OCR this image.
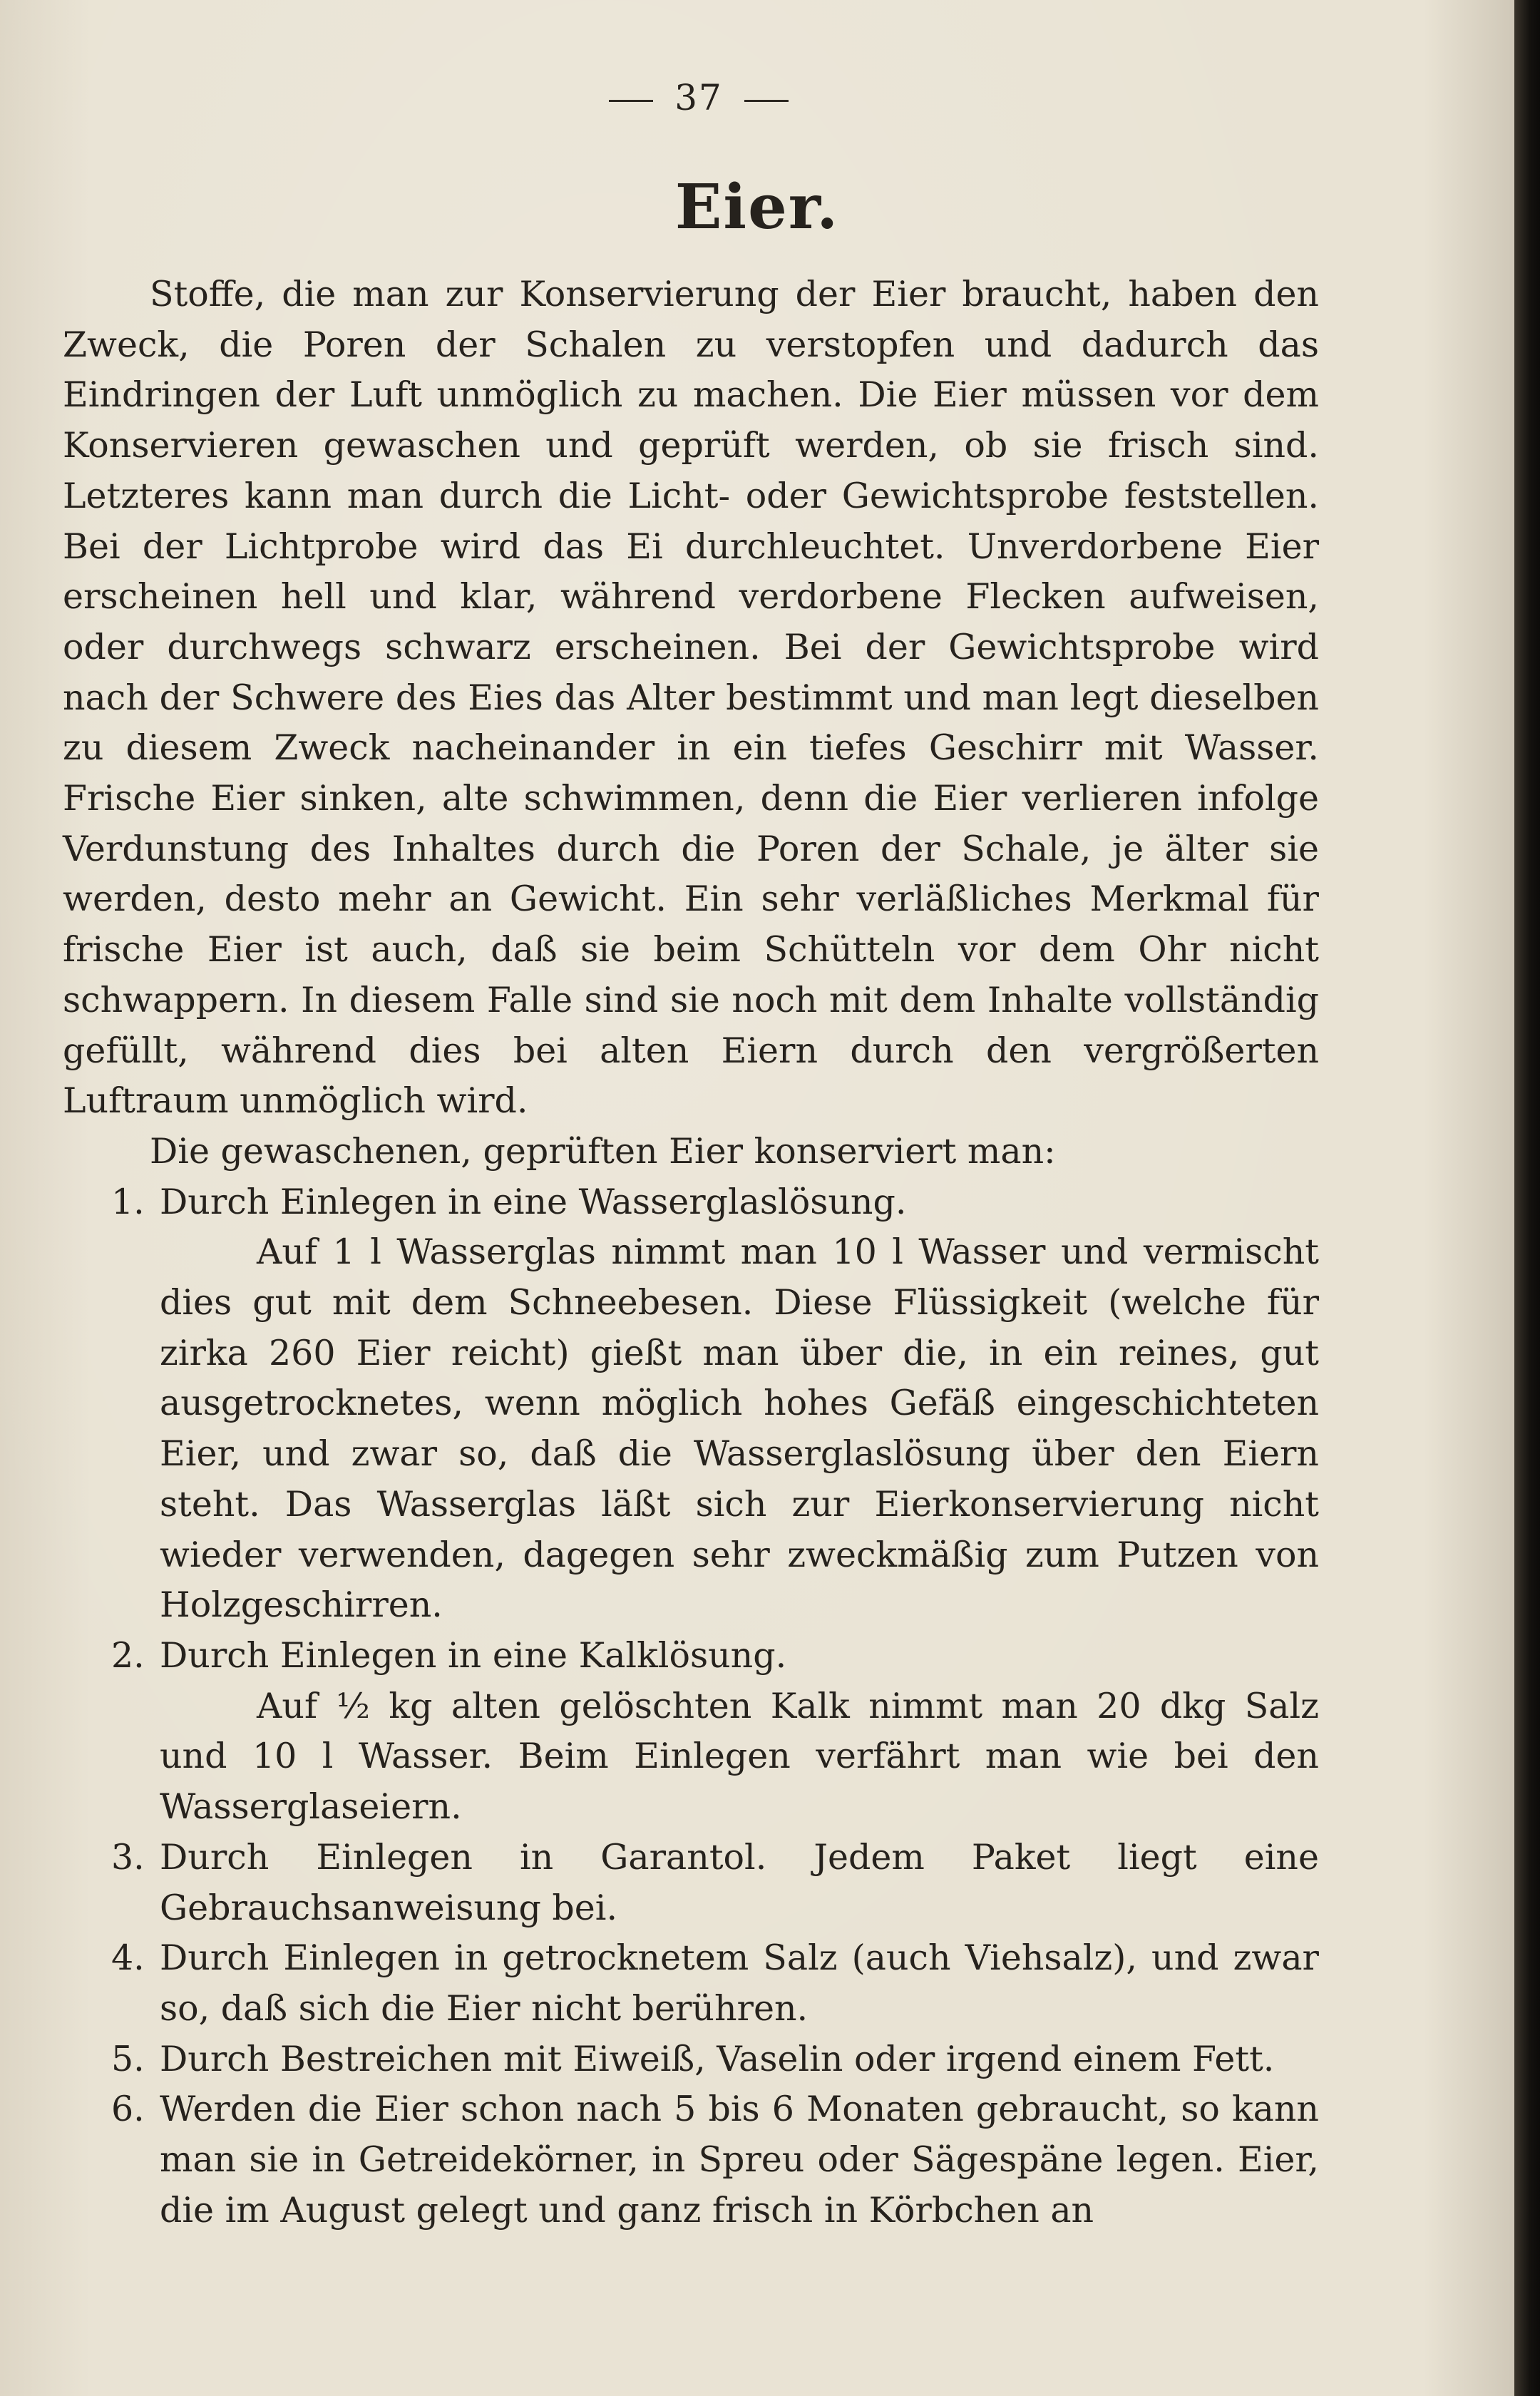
37
Eier.

Stoffe, die man zur Konservierung der Eier braucht, haben den Zweck, die Poren der Schalen zu verstopfen und dadurch das Eindringen der Luft unmöglich zu machen. Die Eier müssen vor dem Konservieren gewaschen und geprüft werden, ob sie frisch sind. Letzteres kann man durch die Licht- oder Gewichtsprobe feststellen. Bei der Lichtprobe wird das Ei durchleuchtet. Unverdorbene Eier erscheinen hell und klar, während verdorbene Flecken aufweisen, oder durchwegs schwarz erscheinen. Bei der Gewichtsprobe wird nach der Schwere des Eies das Alter bestimmt und man legt dieselben zu diesem Zweck nacheinander in ein tiefes Geschirr mit Wasser. Frische Eier sinken, alte schwimmen, denn die Eier verlieren infolge Verdunstung des Inhaltes durch die Poren der Schale, je älter sie werden, desto mehr an Gewicht. Ein sehr verläßliches Merkmal für frische Eier ist auch, daß sie beim Schütteln vor dem Ohr nicht schwappern. In diesem Falle sind sie noch mit dem Inhalte vollständig gefüllt, während dies bei alten Eiern durch den vergrößerten Luftraum unmöglich wird.

Die gewaschenen, geprüften Eier konserviert man:

1. Durch Einlegen in eine Wasserglaslösung.

Auf 1 l Wasserglas nimmt man 10 l Wasser und vermischt dies gut mit dem Schneebesen. Diese Flüssigkeit (welche für zirka 260 Eier reicht) gießt man über die, in ein reines, gut ausgetrocknetes, wenn möglich hohes Gefäß eingeschichteten Eier, und zwar so, daß die Wasserglaslösung über den Eiern steht. Das Wasserglas läßt sich zur Eierkonservierung nicht wieder verwenden, dagegen sehr zweckmäßig zum Putzen von Holzgeschirren.

2. Durch Einlegen in eine Kalklösung.

Auf ½ kg alten gelöschten Kalk nimmt man 20 dkg Salz und 10 l Wasser. Beim Einlegen verfährt man wie bei den Wasserglaseiern.

3. Durch Einlegen in Garantol. Jedem Paket liegt eine Gebrauchsanweisung bei.

4. Durch Einlegen in getrocknetem Salz (auch Viehsalz), und zwar so, daß sich die Eier nicht berühren.

5. Durch Bestreichen mit Eiweiß, Vaselin oder irgend einem Fett.

6. Werden die Eier schon nach 5 bis 6 Monaten gebraucht, so kann man sie in Getreidekörner, in Spreu oder Sägespäne legen. Eier, die im August gelegt und ganz frisch in Körbchen an
